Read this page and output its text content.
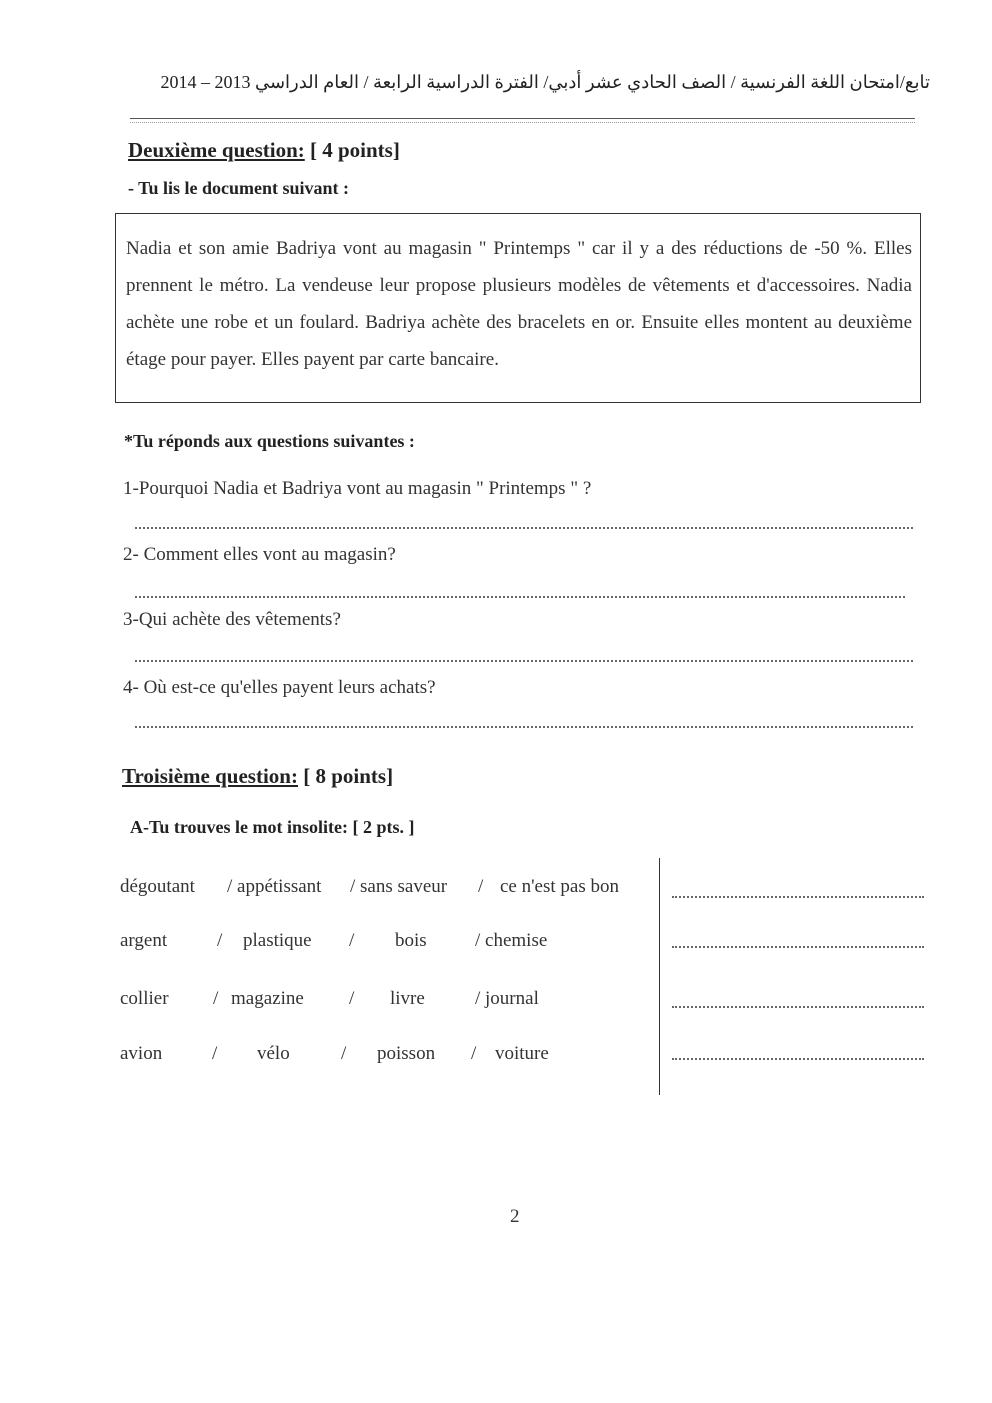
تابع/امتحان اللغة الفرنسية / الصف الحادي عشر أدبي/ الفترة الدراسية الرابعة / العام الدراسي 2013 – 2014
Deuxième question: [ 4 points]
- Tu lis le document suivant :
Nadia et son amie Badriya vont au magasin " Printemps " car il y a des réductions de -50 %. Elles prennent le métro. La vendeuse leur propose plusieurs modèles de vêtements et d'accessoires. Nadia achète une robe et un foulard. Badriya achète des bracelets en or. Ensuite elles montent au deuxième étage pour payer. Elles payent par carte bancaire.
*Tu réponds aux questions suivantes :
1-Pourquoi Nadia et Badriya vont au magasin " Printemps " ?
2- Comment elles vont au magasin?
3-Qui achète des vêtements?
4- Où est-ce qu'elles payent leurs achats?
Troisième question: [ 8 points]
A-Tu trouves le mot insolite: [ 2 pts. ]
dégoutant	/ appétissant	/ sans saveur	/ ce n'est pas bon
argent	/	plastique	/	bois	/ chemise
collier	/ magazine	/	livre	/ journal
avion	/	vélo	/	poisson	/ voiture
2
